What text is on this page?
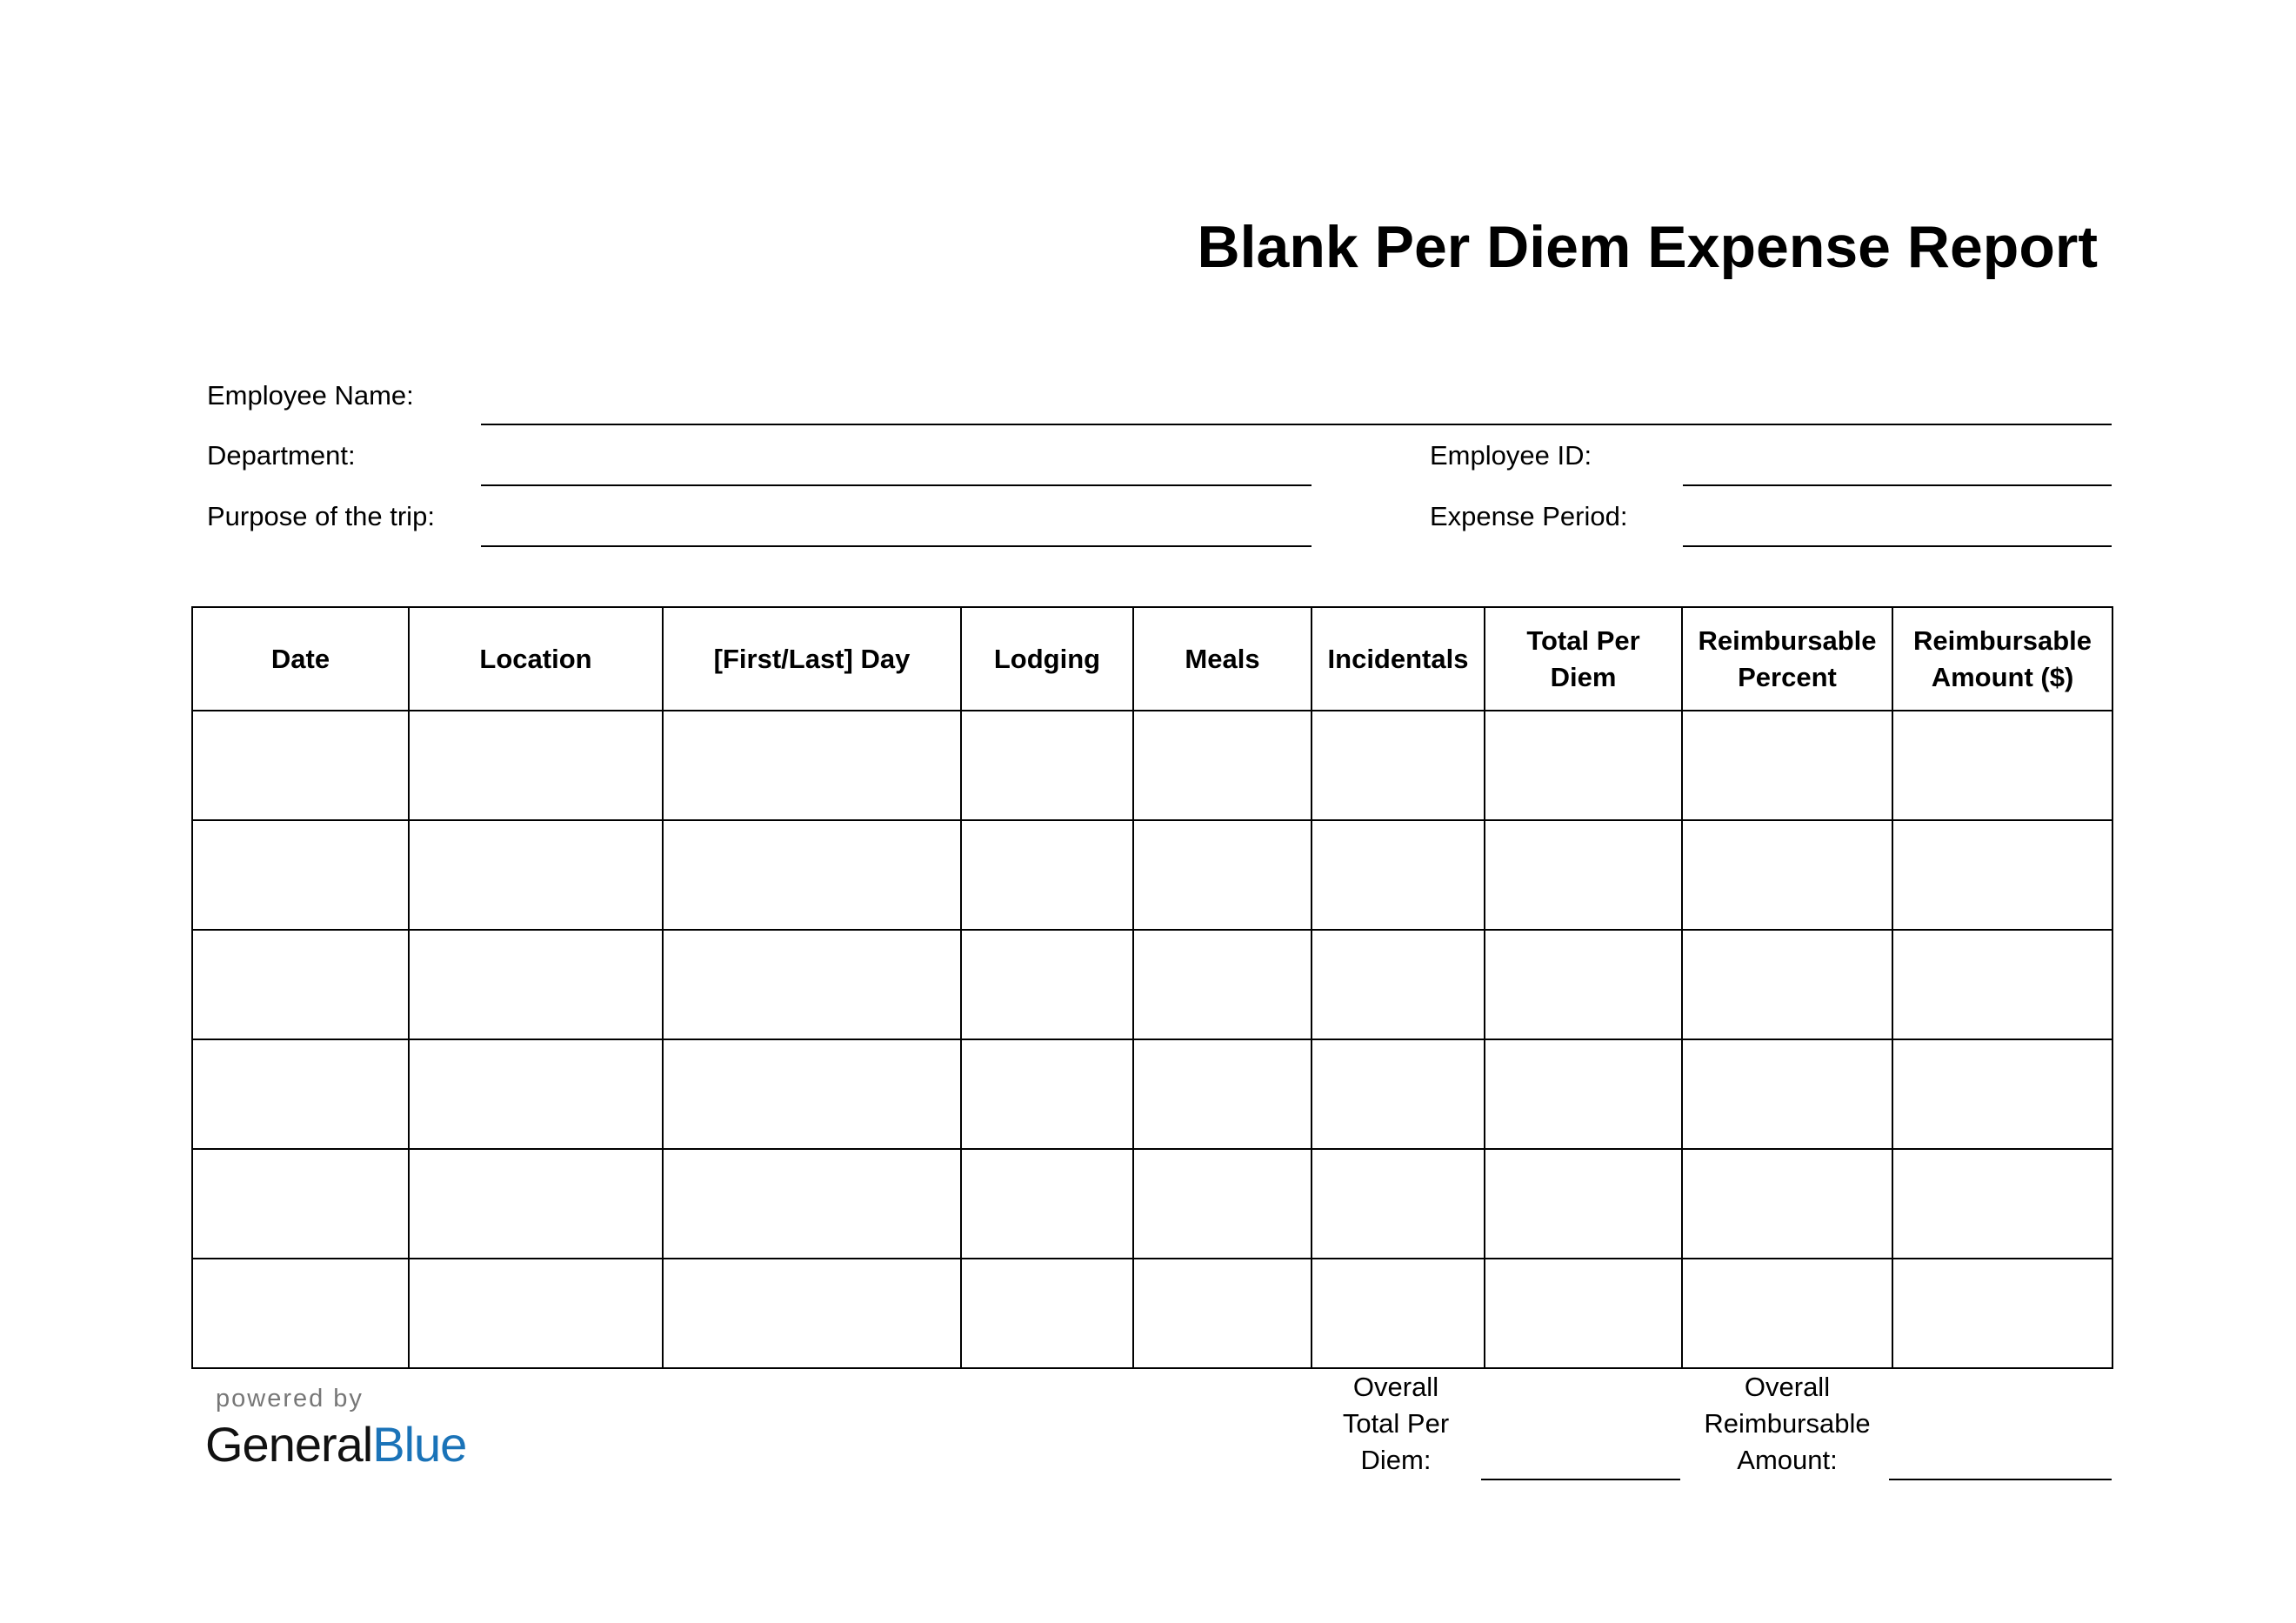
Blank Per Diem Expense Report
Employee Name:
Department:	Employee ID:
Purpose of the trip:	Expense Period:
Date	Location	[First/Last] Day	Lodging	Meals	Incidentals	Total Per Diem	Reimbursable Percent	Reimbursable Amount ($)

Overall
Total Per
Diem:
Overall
Reimbursable
Amount:
powered by
GeneralBlue
